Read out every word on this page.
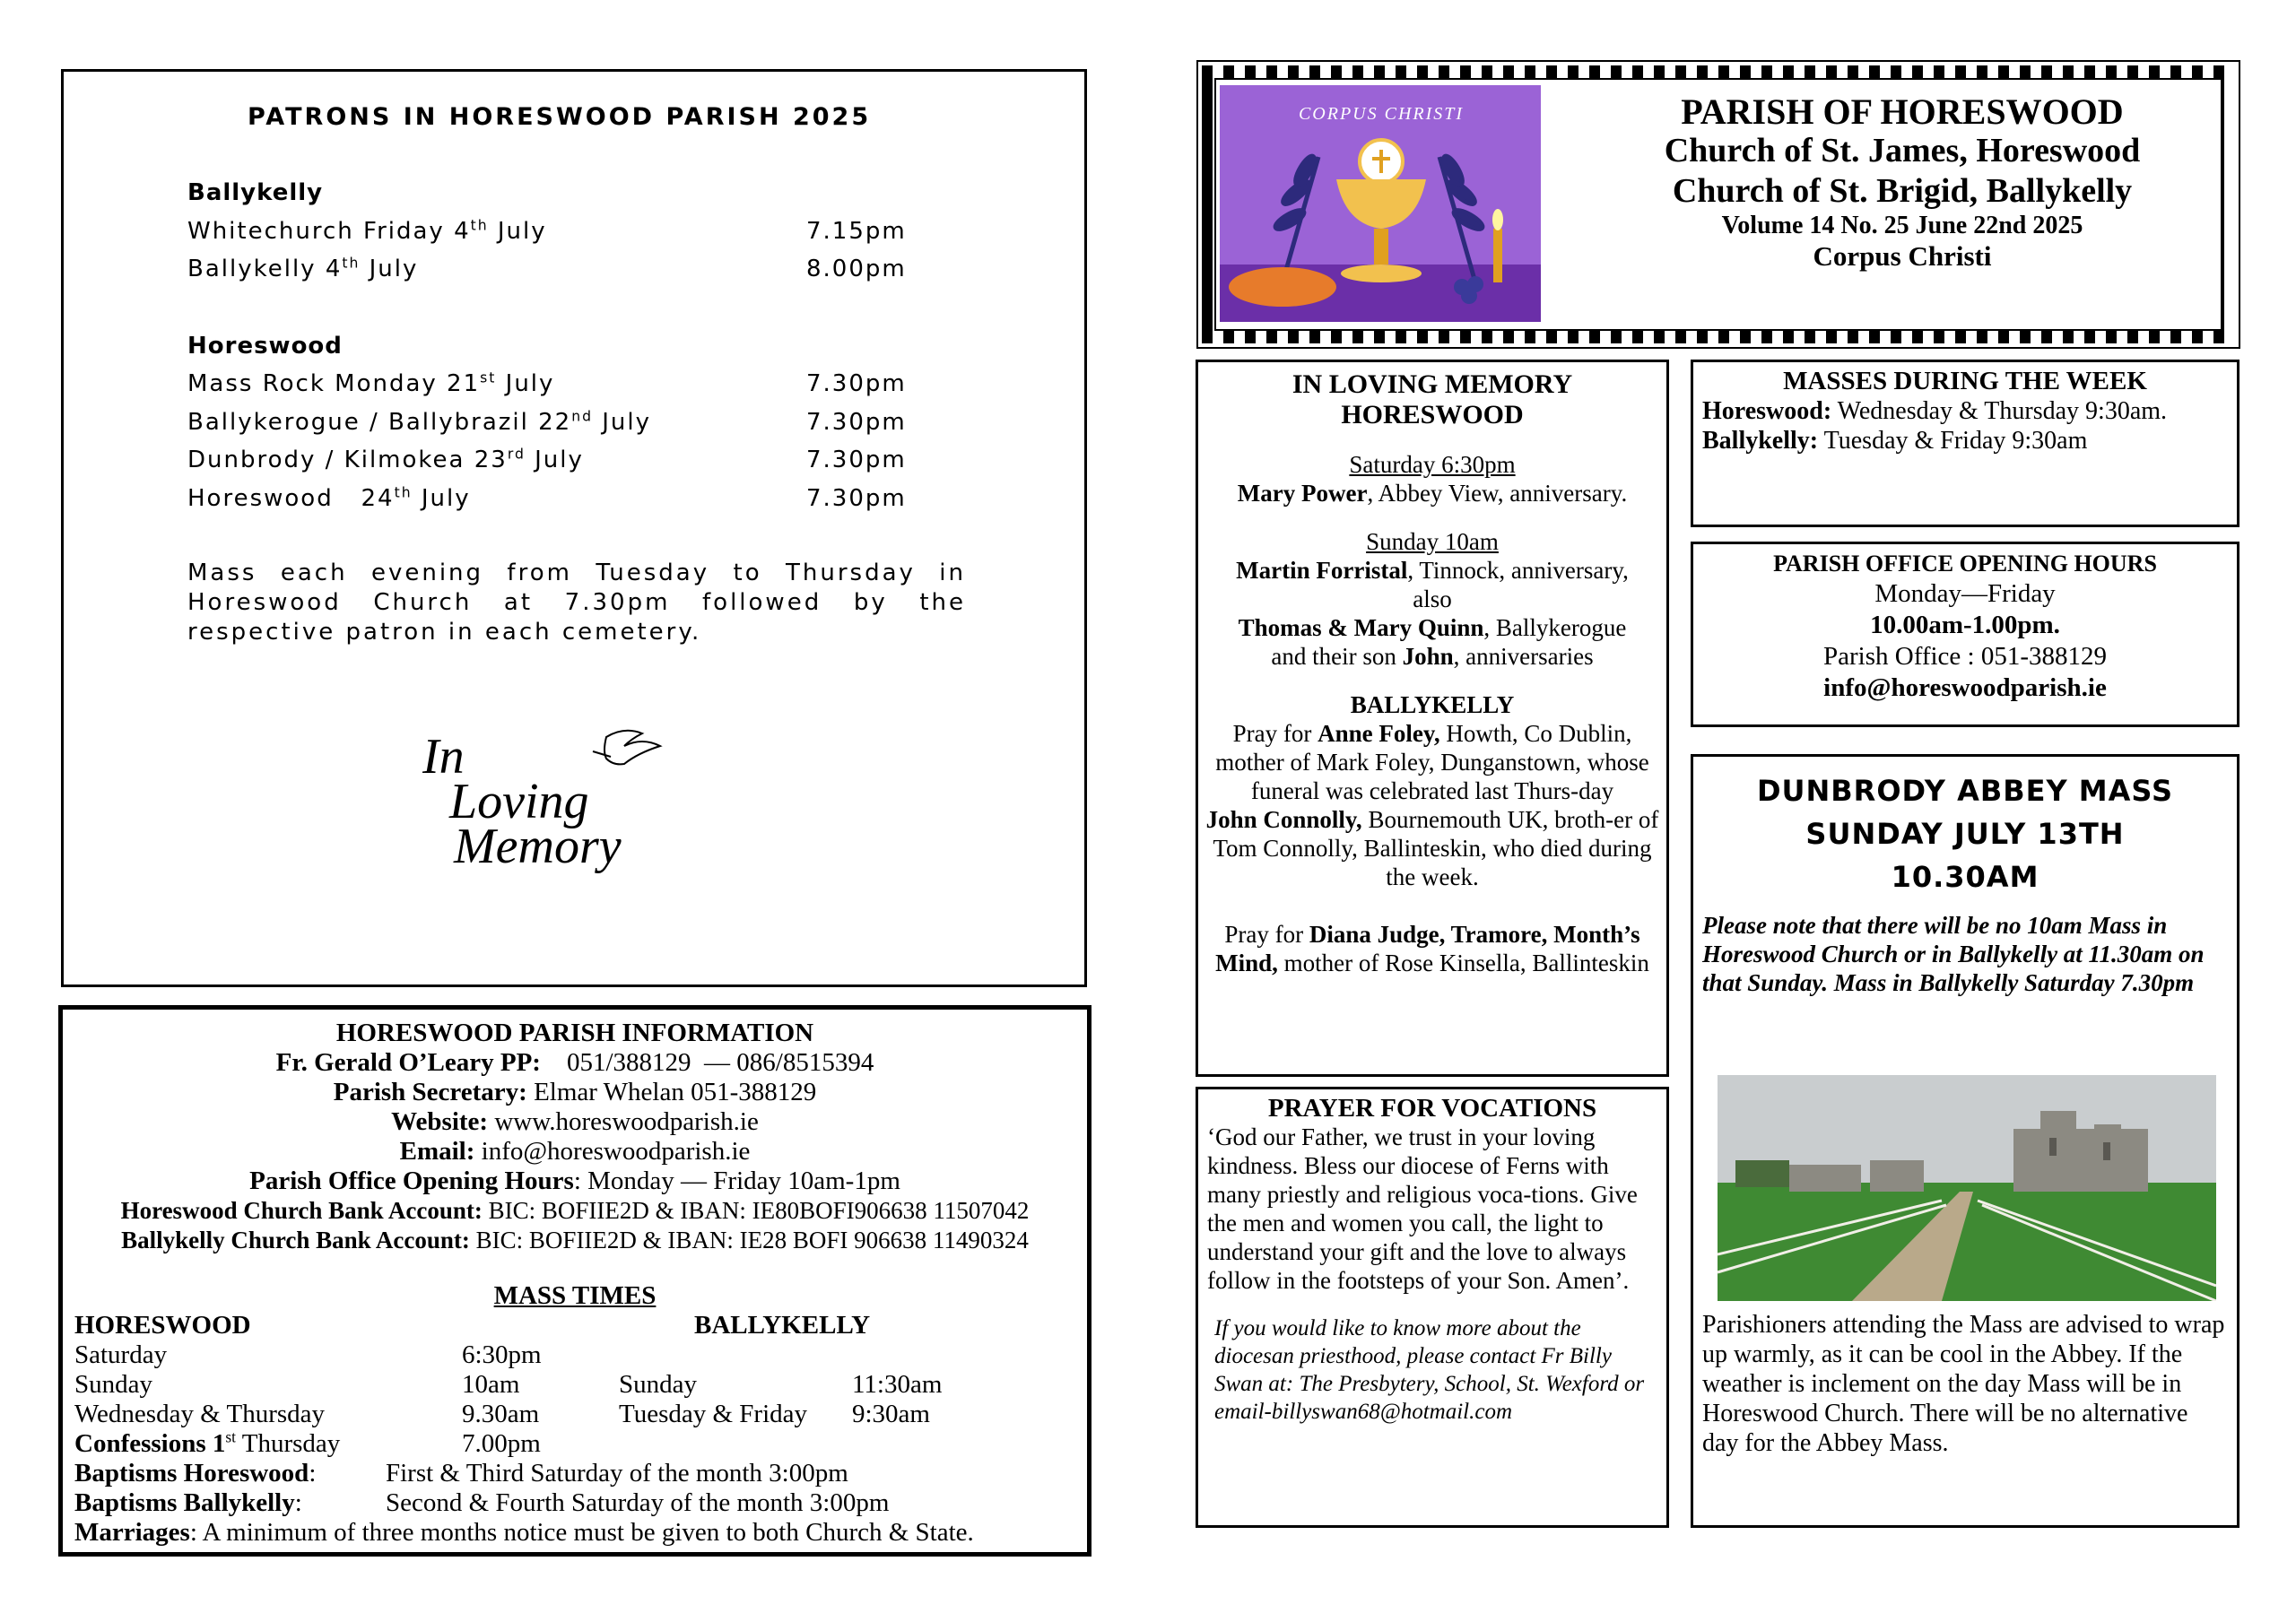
PATRONS IN HORESWOOD PARISH 2025
Ballykelly
Whitechurch Friday 4th July	7.15pm
Ballykelly 4th July	8.00pm
Horeswood
Mass Rock Monday 21st July	7.30pm
Ballykerogue / Ballybrazil 22nd July	7.30pm
Dunbrody / Kilmokea 23rd July	7.30pm
Horeswood   24th July	7.30pm
Mass each evening from Tuesday to Thursday in Horeswood Church at 7.30pm followed by the respective patron in each cemetery.
In
Loving
Memory
HORESWOOD PARISH INFORMATION
Fr. Gerald O’Leary PP: 051/388129  — 086/8515394
Parish Secretary: Elmar Whelan 051-388129
Website: www.horeswoodparish.ie
Email: info@horeswoodparish.ie
Parish Office Opening Hours: Monday — Friday 10am-1pm
Horeswood Church Bank Account: BIC: BOFIIE2D & IBAN: IE80BOFI906638 11507042
Ballykelly Church Bank Account: BIC: BOFIIE2D & IBAN: IE28 BOFI 906638 11490324
MASS TIMES
HORESWOOD	BALLYKELLY
Saturday	6:30pm
Sunday	10am	Sunday	11:30am
Wednesday & Thursday	9.30am	Tuesday & Friday 9:30am
Confessions 1st Thursday	7.00pm
Baptisms Horeswood:	First & Third Saturday of the month 3:00pm
Baptisms Ballykelly:	Second & Fourth Saturday of the month 3:00pm
Marriages: A minimum of three months notice must be given to both Church & State.
CORPUS CHRISTI	PARISH OF HORESWOOD
Church of St. James, Horeswood
Church of St. Brigid, Ballykelly
Volume 14 No. 25 June 22nd 2025
Corpus Christi
IN LOVING MEMORY
HORESWOOD
Saturday 6:30pm
Mary Power, Abbey View, anniversary.
Sunday 10am
Martin Forristal, Tinnock, anniversary,
also
Thomas & Mary Quinn, Ballykerogue
and their son John, anniversaries
BALLYKELLY
Pray for Anne Foley, Howth, Co Dublin, mother of Mark Foley, Dunganstown, whose funeral was celebrated last Thurs-day
John Connolly, Bournemouth UK, broth-er of Tom Connolly, Ballinteskin, who died during the week.
Pray for Diana Judge, Tramore, Month’s Mind, mother of Rose Kinsella, Ballinteskin
PRAYER FOR VOCATIONS
‘God our Father, we trust in your loving kindness. Bless our diocese of Ferns with many priestly and religious voca-tions. Give the men and women you call, the light to understand your gift and the love to always follow in the footsteps of your Son. Amen’.
If you would like to know more about the diocesan priesthood, please contact Fr Billy Swan at: The Presbytery, School, St. Wexford or email-billyswan68@hotmail.com
MASSES DURING THE WEEK
Horeswood: Wednesday & Thursday 9:30am.
Ballykelly: Tuesday & Friday 9:30am
PARISH OFFICE OPENING HOURS
Monday—Friday
10.00am-1.00pm.
Parish Office : 051-388129
info@horeswoodparish.ie
DUNBRODY ABBEY MASS
SUNDAY JULY 13TH
10.30AM
Please note that there will be no 10am Mass in Horeswood Church or in Ballykelly at 11.30am on that Sunday. Mass in Ballykelly Saturday 7.30pm
Parishioners attending the Mass are advised to wrap up warmly, as it can be cool in the Abbey. If the weather is inclement on the day Mass will be in Horeswood Church. There will be no alternative day for the Abbey Mass.
